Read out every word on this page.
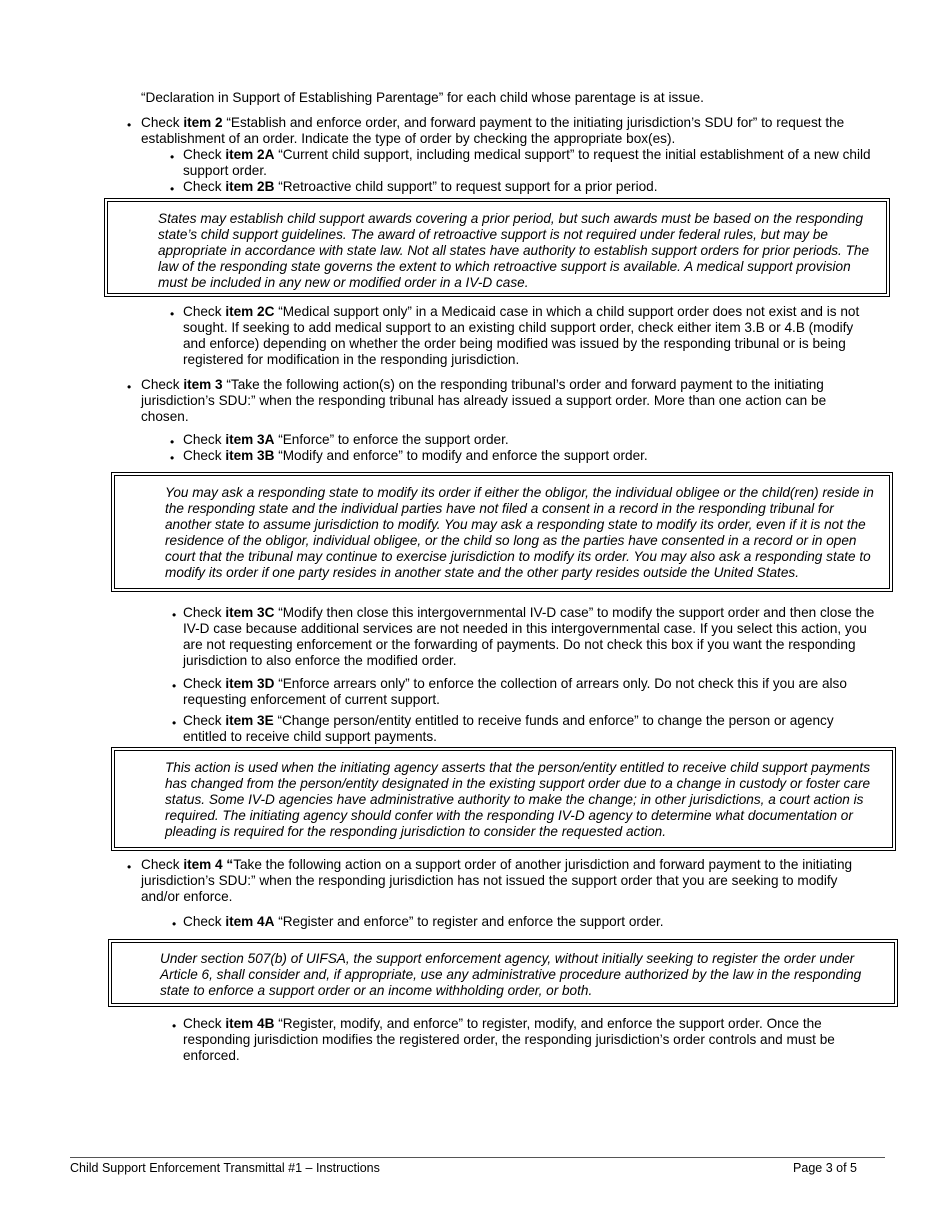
“Declaration in Support of Establishing Parentage” for each child whose parentage is at issue.

• Check item 2 “Establish and enforce order, and forward payment to the initiating jurisdiction’s SDU for” to request the establishment of an order. Indicate the type of order by checking the appropriate box(es).

• Check item 2A “Current child support, including medical support” to request the initial establishment of a new child support order.

• Check item 2B “Retroactive child support” to request support for a prior period.

States may establish child support awards covering a prior period, but such awards must be based on the responding state’s child support guidelines. The award of retroactive support is not required under federal rules, but may be appropriate in accordance with state law. Not all states have authority to establish support orders for prior periods. The law of the responding state governs the extent to which retroactive support is available. A medical support provision must be included in any new or modified order in a IV-D case.
• Check item 2C “Medical support only” in a Medicaid case in which a child support order does not exist and is not sought. If seeking to add medical support to an existing child support order, check either item 3.B or 4.B (modify and enforce) depending on whether the order being modified was issued by the responding tribunal or is being registered for modification in the responding jurisdiction.

• Check item 3 “Take the following action(s) on the responding tribunal’s order and forward payment to the initiating jurisdiction’s SDU:” when the responding tribunal has already issued a support order. More than one action can be chosen.

• Check item 3A “Enforce” to enforce the support order.

• Check item 3B “Modify and enforce” to modify and enforce the support order.

You may ask a responding state to modify its order if either the obligor, the individual obligee or the child(ren) reside in the responding state and the individual parties have not filed a consent in a record in the responding tribunal for another state to assume jurisdiction to modify. You may ask a responding state to modify its order, even if it is not the residence of the obligor, individual obligee, or the child so long as the parties have consented in a record or in open court that the tribunal may continue to exercise jurisdiction to modify its order. You may also ask a responding state to modify its order if one party resides in another state and the other party resides outside the United States.
• Check item 3C “Modify then close this intergovernmental IV-D case” to modify the support order and then close the IV-D case because additional services are not needed in this intergovernmental case. If you select this action, you are not requesting enforcement or the forwarding of payments. Do not check this box if you want the responding jurisdiction to also enforce the modified order.

• Check item 3D “Enforce arrears only” to enforce the collection of arrears only. Do not check this if you are also requesting enforcement of current support.

• Check item 3E “Change person/entity entitled to receive funds and enforce” to change the person or agency entitled to receive child support payments.

This action is used when the initiating agency asserts that the person/entity entitled to receive child support payments has changed from the person/entity designated in the existing support order due to a change in custody or foster care status. Some IV-D agencies have administrative authority to make the change; in other jurisdictions, a court action is required. The initiating agency should confer with the responding IV-D agency to determine what documentation or pleading is required for the responding jurisdiction to consider the requested action.
• Check item 4 “Take the following action on a support order of another jurisdiction and forward payment to the initiating jurisdiction’s SDU:” when the responding jurisdiction has not issued the support order that you are seeking to modify and/or enforce.

• Check item 4A “Register and enforce” to register and enforce the support order.

Under section 507(b) of UIFSA, the support enforcement agency, without initially seeking to register the order under Article 6, shall consider and, if appropriate, use any administrative procedure authorized by the law in the responding state to enforce a support order or an income withholding order, or both.
• Check item 4B “Register, modify, and enforce” to register, modify, and enforce the support order. Once the responding jurisdiction modifies the registered order, the responding jurisdiction’s order controls and must be enforced.

Child Support Enforcement Transmittal #1 – Instructions	Page 3 of 5
